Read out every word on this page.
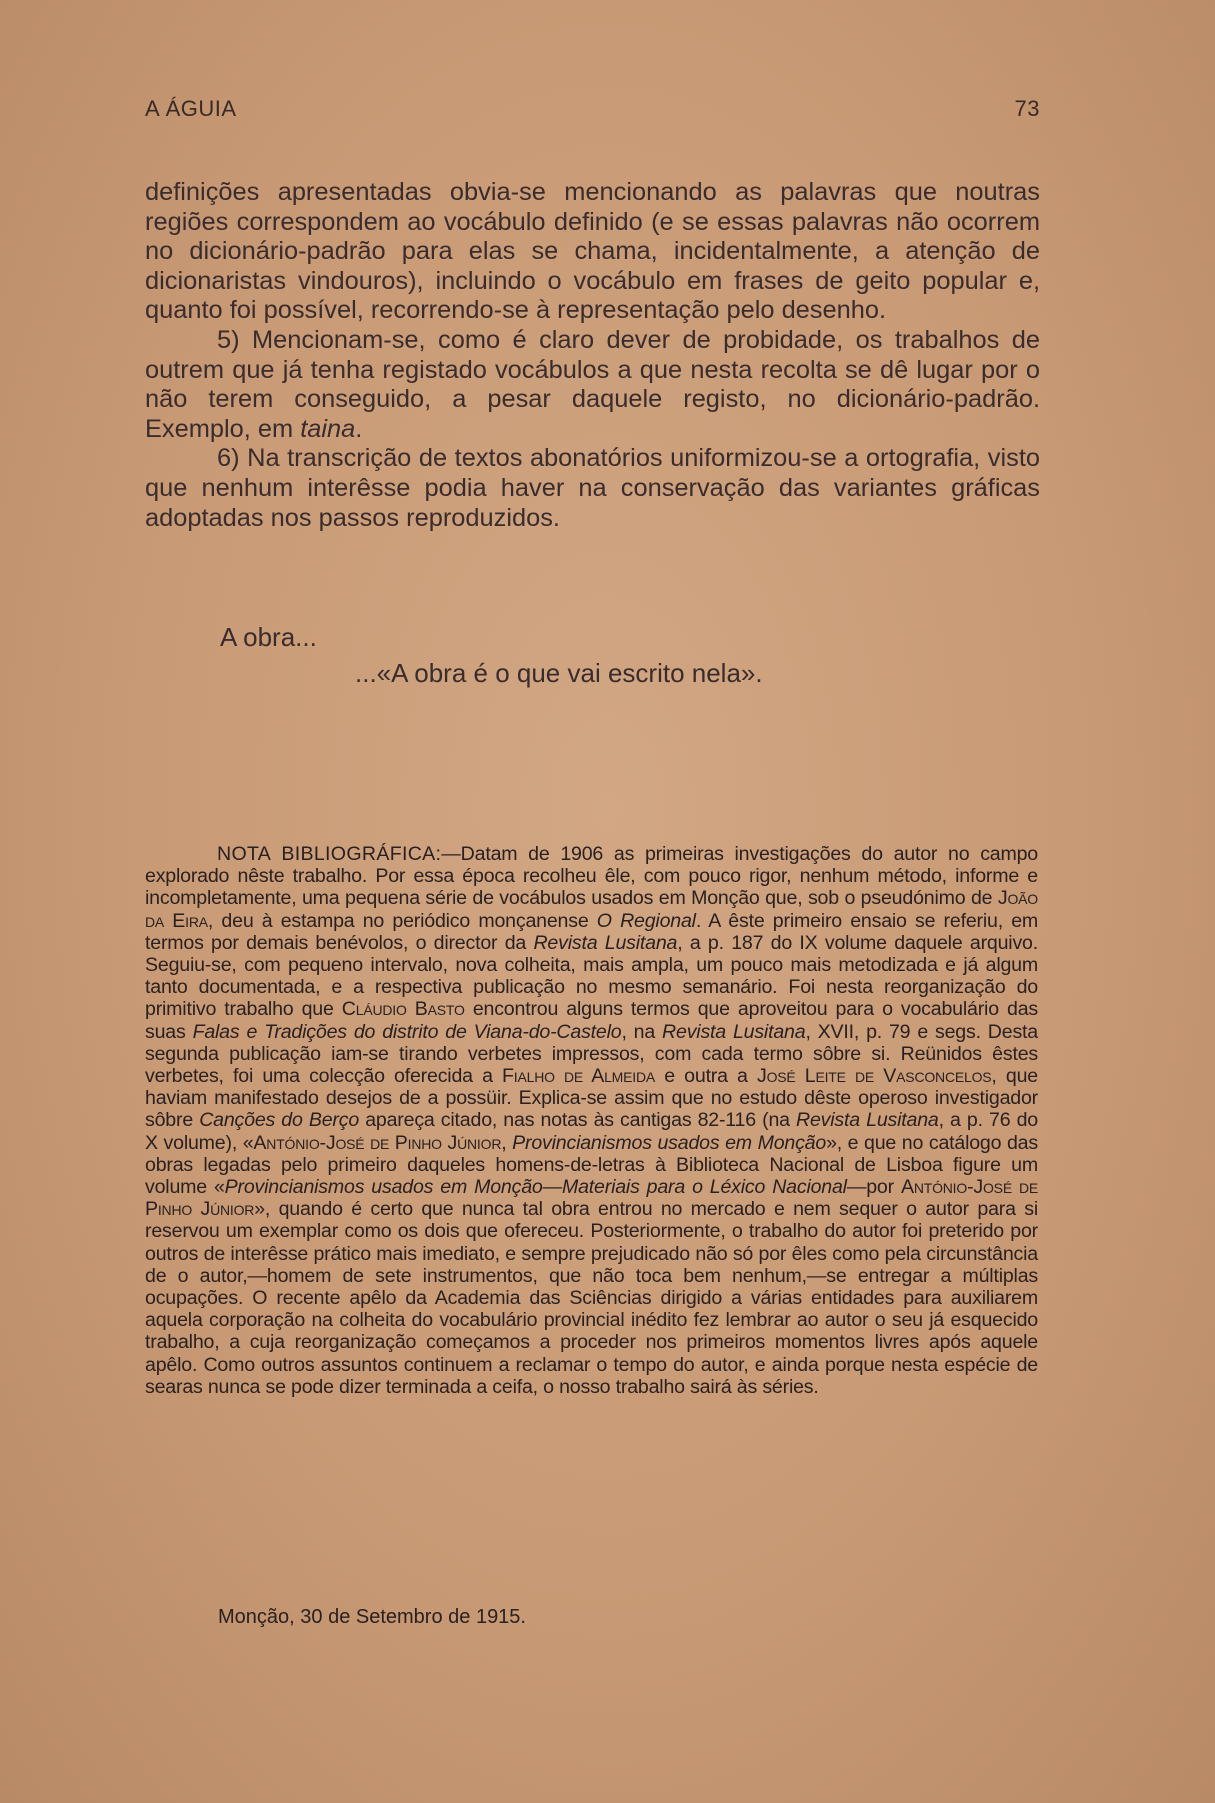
A ÁGUIA	73

definições apresentadas obvia-se mencionando as palavras que noutras regiões correspondem ao vocábulo definido (e se essas palavras não ocorrem no dicionário-padrão para elas se chama, incidentalmente, a atenção de dicionaristas vindouros), incluindo o vocábulo em frases de geito popular e, quanto foi possível, recorrendo-se à representação pelo desenho.

5) Mencionam-se, como é claro dever de probidade, os trabalhos de outrem que já tenha registado vocábulos a que nesta recolta se dê lugar por o não terem conseguido, a pesar daquele registo, no dicionário-padrão. Exemplo, em taina.

6) Na transcrição de textos abonatórios uniformizou-se a ortografia, visto que nenhum interêsse podia haver na conservação das variantes gráficas adoptadas nos passos reproduzidos.

A obra...
...«A obra é o que vai escrito nela».

NOTA BIBLIOGRÁFICA:—Datam de 1906 as primeiras investigações do autor no campo explorado nêste trabalho. Por essa época recolheu êle, com pouco rigor, nenhum método, informe e incompletamente, uma pequena série de vocábulos usados em Monção que, sob o pseudónimo de João da Eira, deu à estampa no periódico monçanense O Regional. A êste primeiro ensaio se referiu, em termos por demais benévolos, o director da Revista Lusitana, a p. 187 do IX volume daquele arquivo. Seguiu-se, com pequeno intervalo, nova colheita, mais ampla, um pouco mais metodizada e já algum tanto documentada, e a respectiva publicação no mesmo semanário. Foi nesta reorganização do primitivo trabalho que Cláudio Basto encontrou alguns termos que aproveitou para o vocabulário das suas Falas e Tradições do distrito de Viana-do-Castelo, na Revista Lusitana, XVII, p. 79 e segs. Desta segunda publicação iam-se tirando verbetes impressos, com cada termo sôbre si. Reünidos êstes verbetes, foi uma colecção oferecida a Fialho de Almeida e outra a José Leite de Vasconcelos, que haviam manifestado desejos de a possüir. Explica-se assim que no estudo dêste operoso investigador sôbre Canções do Berço apareça citado, nas notas às cantigas 82-116 (na Revista Lusitana, a p. 76 do X volume), «António-José de Pinho Júnior, Provincianismos usados em Monção», e que no catálogo das obras legadas pelo primeiro daqueles homens-de-letras à Biblioteca Nacional de Lisboa figure um volume «Provincianismos usados em Monção—Materiais para o Léxico Nacional—por António-José de Pinho Júnior», quando é certo que nunca tal obra entrou no mercado e nem sequer o autor para si reservou um exemplar como os dois que ofereceu. Posteriormente, o trabalho do autor foi preterido por outros de interêsse prático mais imediato, e sempre prejudicado não só por êles como pela circunstância de o autor,—homem de sete instrumentos, que não toca bem nenhum,—se entregar a múltiplas ocupações. O recente apêlo da Academia das Sciências dirigido a várias entidades para auxiliarem aquela corporação na colheita do vocabulário provincial inédito fez lembrar ao autor o seu já esquecido trabalho, a cuja reorganização começamos a proceder nos primeiros momentos livres após aquele apêlo. Como outros assuntos continuem a reclamar o tempo do autor, e ainda porque nesta espécie de searas nunca se pode dizer terminada a ceifa, o nosso trabalho sairá às séries.

Monção, 30 de Setembro de 1915.
